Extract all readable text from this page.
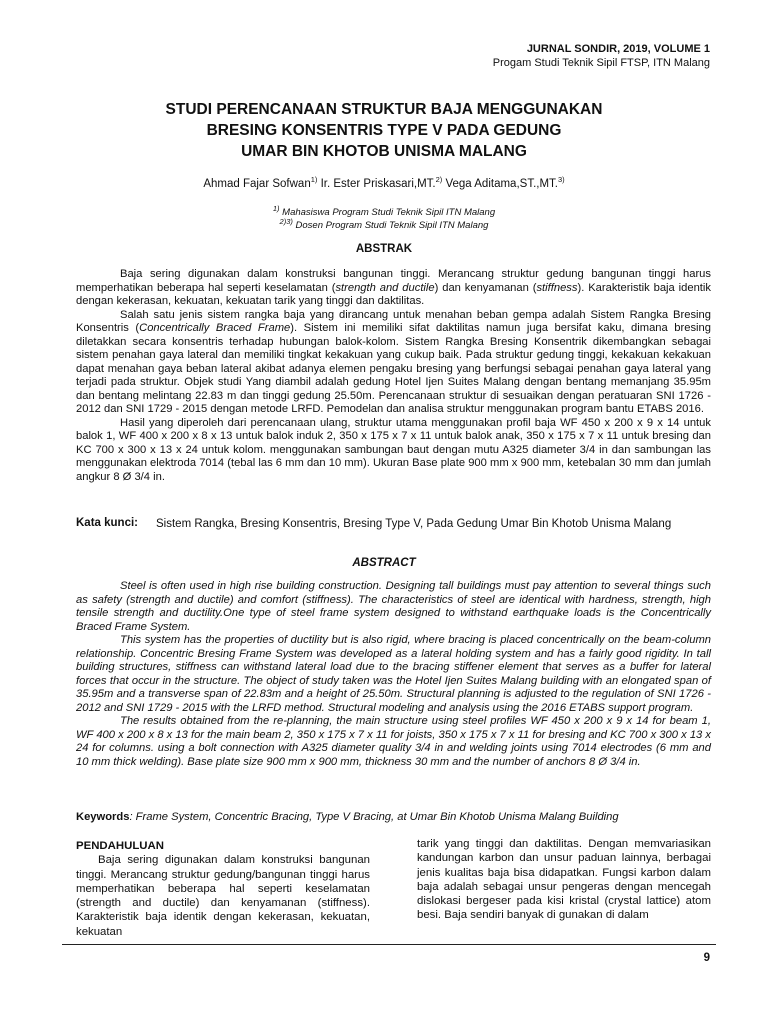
JURNAL SONDIR, 2019, VOLUME 1
Progam Studi Teknik Sipil FTSP, ITN Malang
STUDI PERENCANAAN STRUKTUR BAJA MENGGUNAKAN
BRESING KONSENTRIS TYPE V PADA GEDUNG
UMAR BIN KHOTOB UNISMA MALANG
Ahmad Fajar Sofwan$^{1)}$ Ir. Ester Priskasari,MT.$^{2)}$ Vega Aditama,ST.,MT.$^{3)}$
$^{1)}$ Mahasiswa Program Studi Teknik Sipil ITN Malang
$^{2)3)}$ Dosen Program Studi Teknik Sipil ITN Malang
ABSTRAK

Baja sering digunakan dalam konstruksi bangunan tinggi. Merancang struktur gedung bangunan tinggi harus memperhatikan beberapa hal seperti keselamatan (strength and ductile) dan kenyamanan (stiffness). Karakteristik baja identik dengan kekerasan, kekuatan, kekuatan tarik yang tinggi dan daktilitas.

Salah satu jenis sistem rangka baja yang dirancang untuk menahan beban gempa adalah Sistem Rangka Bresing Konsentris (Concentrically Braced Frame). Sistem ini memiliki sifat daktilitas namun juga bersifat kaku, dimana bresing diletakkan secara konsentris terhadap hubungan balok-kolom. Sistem Rangka Bresing Konsentrik dikembangkan sebagai sistem penahan gaya lateral dan memiliki tingkat kekakuan yang cukup baik. Pada struktur gedung tinggi, kekakuan kekakuan dapat menahan gaya beban lateral akibat adanya elemen pengaku bresing yang berfungsi sebagai penahan gaya lateral yang terjadi pada struktur. Objek studi Yang diambil adalah gedung Hotel Ijen Suites Malang dengan bentang memanjang 35.95m dan bentang melintang 22.83 m dan tinggi gedung 25.50m. Perencanaan struktur di sesuaikan dengan peratuaran SNI 1726 - 2012 dan SNI 1729 - 2015 dengan metode LRFD. Pemodelan dan analisa struktur menggunakan program bantu ETABS 2016.

Hasil yang diperoleh dari perencanaan ulang, struktur utama menggunakan profil baja WF 450 x 200 x 9 x 14 untuk balok 1, WF 400 x 200 x 8 x 13 untuk balok induk 2, 350 x 175 x 7 x 11 untuk balok anak, 350 x 175 x 7 x 11 untuk bresing dan KC 700 x 300 x 13 x 24 untuk kolom. menggunakan sambungan baut dengan mutu A325 diameter 3/4 in dan sambungan las menggunakan elektroda 7014 (tebal las 6 mm dan 10 mm). Ukuran Base plate 900 mm x 900 mm, ketebalan 30 mm dan jumlah angkur 8 Ø 3/4 in.

Kata kunci: Sistem Rangka, Bresing Konsentris, Bresing Type V, Pada Gedung Umar Bin Khotob Unisma Malang
ABSTRACT

Steel is often used in high rise building construction. Designing tall buildings must pay attention to several things such as safety (strength and ductile) and comfort (stiffness). The characteristics of steel are identical with hardness, strength, high tensile strength and ductility.One type of steel frame system designed to withstand earthquake loads is the Concentrically Braced Frame System.

This system has the properties of ductility but is also rigid, where bracing is placed concentrically on the beam-column relationship. Concentric Bresing Frame System was developed as a lateral holding system and has a fairly good rigidity. In tall building structures, stiffness can withstand lateral load due to the bracing stiffener element that serves as a buffer for lateral forces that occur in the structure. The object of study taken was the Hotel Ijen Suites Malang building with an elongated span of 35.95m and a transverse span of 22.83m and a height of 25.50m. Structural planning is adjusted to the regulation of SNI 1726 - 2012 and SNI 1729 - 2015 with the LRFD method. Structural modeling and analysis using the 2016 ETABS support program.

The results obtained from the re-planning, the main structure using steel profiles WF 450 x 200 x 9 x 14 for beam 1, WF 400 x 200 x 8 x 13 for the main beam 2, 350 x 175 x 7 x 11 for joists, 350 x 175 x 7 x 11 for bresing and KC 700 x 300 x 13 x 24 for columns. using a bolt connection with A325 diameter quality 3/4 in and welding joints using 7014 electrodes (6 mm and 10 mm thick welding). Base plate size 900 mm x 900 mm, thickness 30 mm and the number of anchors 8 Ø 3/4 in.

Keywords: Frame System, Concentric Bracing, Type V Bracing, at Umar Bin Khotob Unisma Malang Building

PENDAHULUAN

Baja sering digunakan dalam konstruksi bangunan tinggi. Merancang struktur gedung/bangunan tinggi harus memperhatikan beberapa hal seperti keselamatan (strength and ductile) dan kenyamanan (stiffness). Karakteristik baja identik dengan kekerasan, kekuatan, kekuatan

tarik yang tinggi dan daktilitas. Dengan memvariasikan kandungan karbon dan unsur paduan lainnya, berbagai jenis kualitas baja bisa didapatkan. Fungsi karbon dalam baja adalah sebagai unsur pengeras dengan mencegah dislokasi bergeser pada kisi kristal (crystal lattice) atom besi. Baja sendiri banyak di gunakan di dalam

9
